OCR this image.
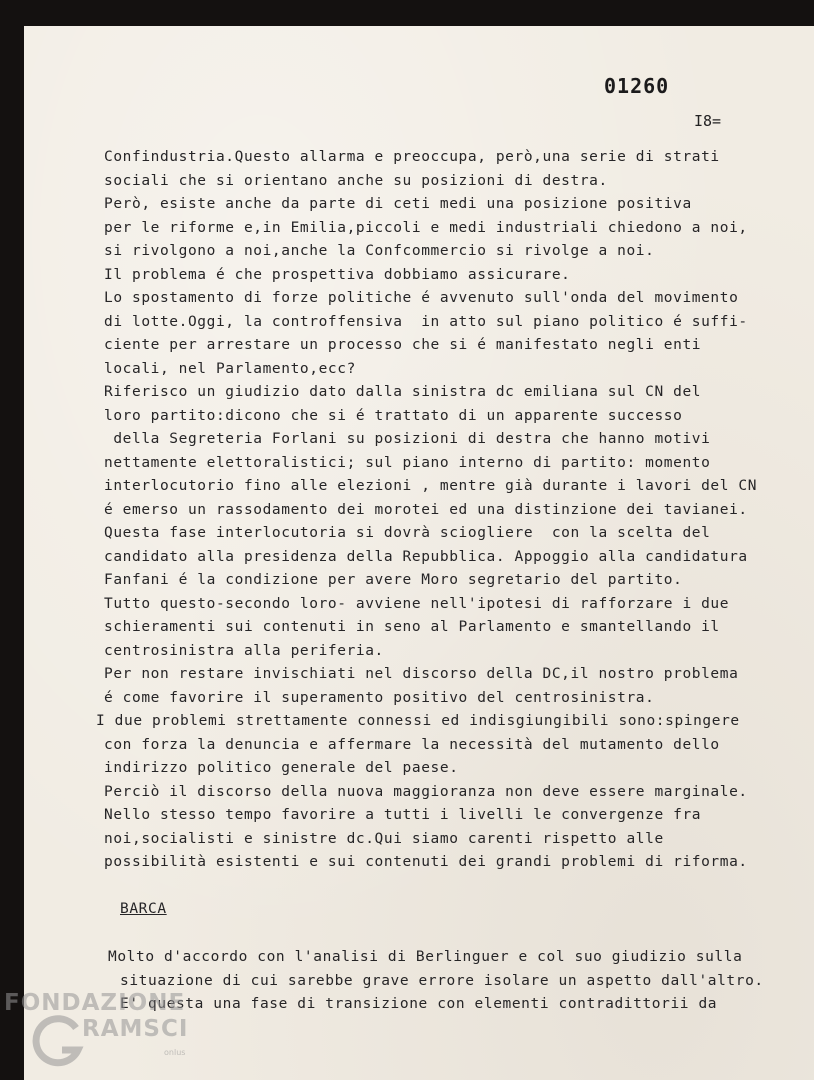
01260
I8=
Confindustria.Questo allarma e preoccupa, però,una serie di strati
sociali che si orientano anche su posizioni di destra.
Però, esiste anche da parte di ceti medi una posizione positiva
per le riforme e,in Emilia,piccoli e medi industriali chiedono a noi,
si rivolgono a noi,anche la Confcommercio si rivolge a noi.
Il problema é che prospettiva dobbiamo assicurare.
Lo spostamento di forze politiche é avvenuto sull'onda del movimento
di lotte.Oggi, la controffensiva  in atto sul piano politico é suffi-
ciente per arrestare un processo che si é manifestato negli enti
locali, nel Parlamento,ecc?
Riferisco un giudizio dato dalla sinistra dc emiliana sul CN del
loro partito:dicono che si é trattato di un apparente successo
della Segreteria Forlani su posizioni di destra che hanno motivi
nettamente elettoralistici; sul piano interno di partito: momento
interlocutorio fino alle elezioni , mentre già durante i lavori del CN
é emerso un rassodamento dei morotei ed una distinzione dei tavianei.
Questa fase interlocutoria si dovrà sciogliere  con la scelta del
candidato alla presidenza della Repubblica. Appoggio alla candidatura
Fanfani é la condizione per avere Moro segretario del partito.
Tutto questo-secondo loro- avviene nell'ipotesi di rafforzare i due
schieramenti sui contenuti in seno al Parlamento e smantellando il
centrosinistra alla periferia.
Per non restare invischiati nel discorso della DC,il nostro problema
é come favorire il superamento positivo del centrosinistra.
I due problemi strettamente connessi ed indisgiungibili sono:spingere
con forza la denuncia e affermare la necessità del mutamento dello
indirizzo politico generale del paese.
Perciò il discorso della nuova maggioranza non deve essere marginale.
Nello stesso tempo favorire a tutti i livelli le convergenze fra
noi,socialisti e sinistre dc.Qui siamo carenti rispetto alle
possibilità esistenti e sui contenuti dei grandi problemi di riforma.
BARCA
Molto d'accordo con l'analisi di Berlinguer e col suo giudizio sulla
situazione di cui sarebbe grave errore isolare un aspetto dall'altro.
E' questa una fase di transizione con elementi contradittorii da
FONDAZIONE
RAMSCI
onlus
